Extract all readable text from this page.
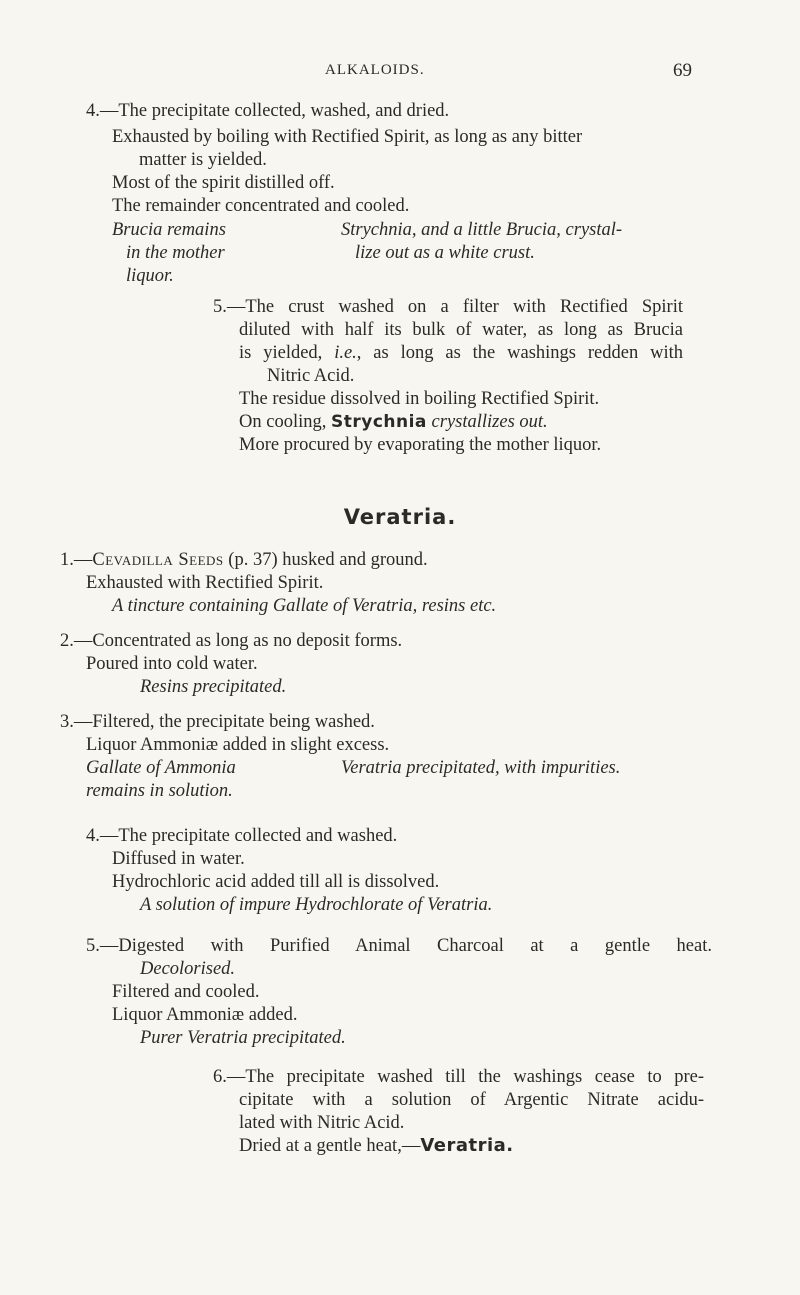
ALKALOIDS.	69
4.—The precipitate collected, washed, and dried.
Exhausted by boiling with Rectified Spirit, as long as any bitter
matter is yielded.
Most of the spirit distilled off.
The remainder concentrated and cooled.
Brucia remains
in the mother
liquor.
Strychnia, and a little Brucia, crystal-
lize out as a white crust.
5.—The crust washed on a filter with Rectified Spirit
diluted with half its bulk of water, as long as Brucia
is yielded, i.e., as long as the washings redden with
Nitric Acid.
The residue dissolved in boiling Rectified Spirit.
On cooling, Strychnia crystallizes out.
More procured by evaporating the mother liquor.
Veratria.
1.—Cevadilla Seeds (p. 37) husked and ground.
Exhausted with Rectified Spirit.
A tincture containing Gallate of Veratria, resins etc.
2.—Concentrated as long as no deposit forms.
Poured into cold water.
Resins precipitated.
3.—Filtered, the precipitate being washed.
Liquor Ammoniæ added in slight excess.
Gallate of Ammonia
remains in solution.
Veratria precipitated, with impurities.
4.—The precipitate collected and washed.
Diffused in water.
Hydrochloric acid added till all is dissolved.
A solution of impure Hydrochlorate of Veratria.
5.—Digested with Purified Animal Charcoal at a gentle heat.
Decolorised.
Filtered and cooled.
Liquor Ammoniæ added.
Purer Veratria precipitated.
6.—The precipitate washed till the washings cease to pre-
cipitate with a solution of Argentic Nitrate acidu-
lated with Nitric Acid.
Dried at a gentle heat,—Veratria.
